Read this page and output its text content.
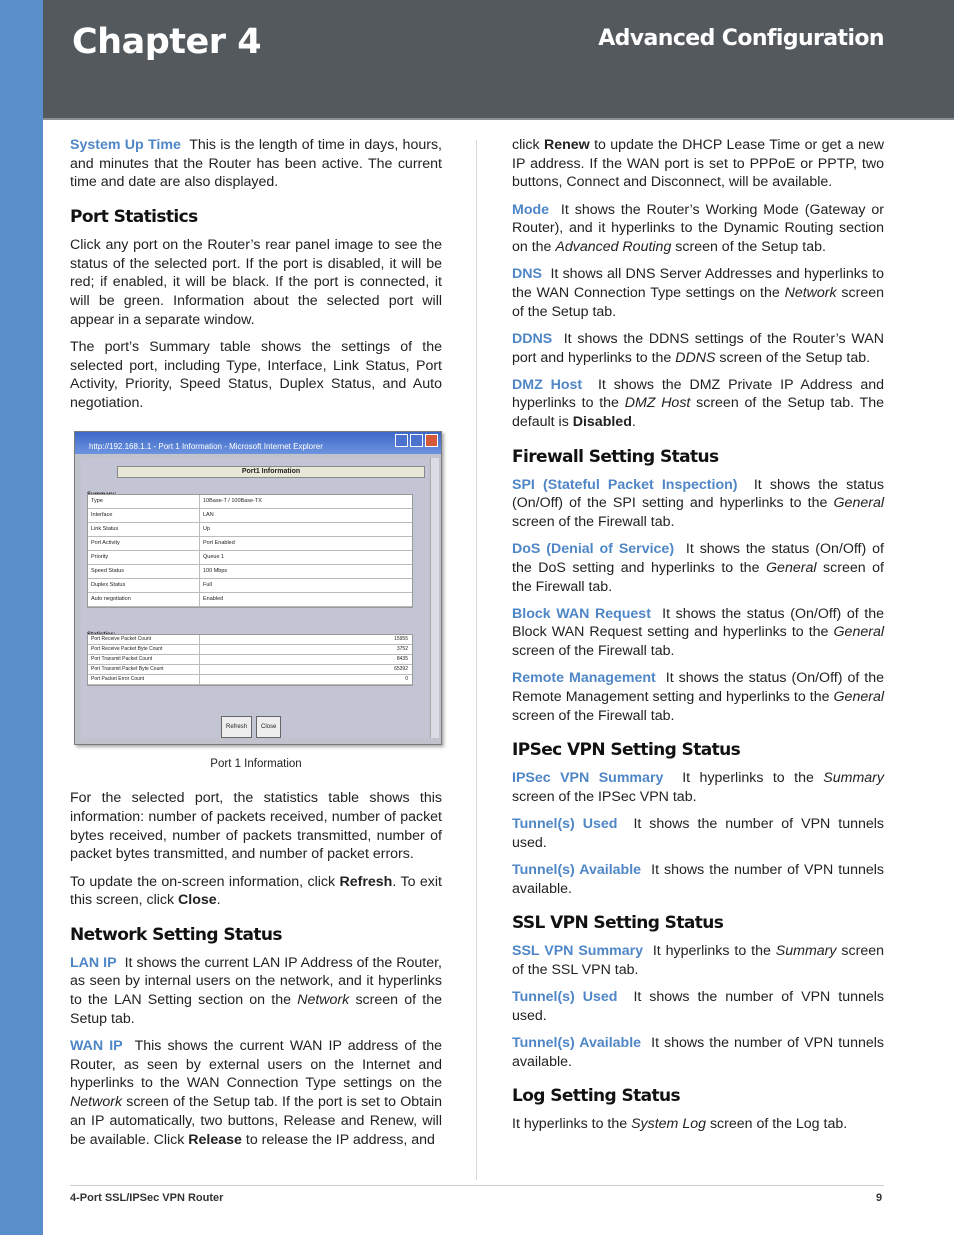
Chapter 4	Advanced Configuration

System Up Time This is the length of time in days, hours, and minutes that the Router has been active. The current time and date are also displayed.

Port Statistics

Click any port on the Router’s rear panel image to see the status of the selected port. If the port is disabled, it will be red; if enabled, it will be black. If the port is connected, it will be green. Information about the selected port will appear in a separate window.

The port’s Summary table shows the settings of the selected port, including Type, Interface, Link Status, Port Activity, Priority, Speed Status, Duplex Status, and Auto negotiation.

http://192.168.1.1 - Port 1 Information - Microsoft Internet Explorer
Port1 Information
Type	10Base-T / 100Base-TX
Interface	LAN
Link Status	Up
Port Activity	Port Enabled
Priority	Queue 1
Speed Status	100 Mbps
Duplex Status	Full
Auto negotiation	Enabled
Port Receive Packet Count	15955
Port Receive Packet Byte Count	3752
Port Transmit Packet Count	8435
Port Transmit Packet Byte Count	65392
Port Packet Error Count	0
Refresh	Close
Port 1 Information

For the selected port, the statistics table shows this information: number of packets received, number of packet bytes received, number of packets transmitted, number of packet bytes transmitted, and number of packet errors.

To update the on-screen information, click Refresh. To exit this screen, click Close.

Network Setting Status

LAN IP It shows the current LAN IP Address of the Router, as seen by internal users on the network, and it hyperlinks to the LAN Setting section on the Network screen of the Setup tab.

WAN IP This shows the current WAN IP address of the Router, as seen by external users on the Internet and hyperlinks to the WAN Connection Type settings on the Network screen of the Setup tab. If the port is set to Obtain an IP automatically, two buttons, Release and Renew, will be available. Click Release to release the IP address, and

click Renew to update the DHCP Lease Time or get a new IP address. If the WAN port is set to PPPoE or PPTP, two buttons, Connect and Disconnect, will be available.

Mode It shows the Router’s Working Mode (Gateway or Router), and it hyperlinks to the Dynamic Routing section on the Advanced Routing screen of the Setup tab.

DNS It shows all DNS Server Addresses and hyperlinks to the WAN Connection Type settings on the Network screen of the Setup tab.

DDNS It shows the DDNS settings of the Router’s WAN port and hyperlinks to the DDNS screen of the Setup tab.

DMZ Host It shows the DMZ Private IP Address and hyperlinks to the DMZ Host screen of the Setup tab. The default is Disabled.

Firewall Setting Status

SPI (Stateful Packet Inspection) It shows the status (On/Off) of the SPI setting and hyperlinks to the General screen of the Firewall tab.

DoS (Denial of Service) It shows the status (On/Off) of the DoS setting and hyperlinks to the General screen of the Firewall tab.

Block WAN Request It shows the status (On/Off) of the Block WAN Request setting and hyperlinks to the General screen of the Firewall tab.

Remote Management It shows the status (On/Off) of the Remote Management setting and hyperlinks to the General screen of the Firewall tab.

IPSec VPN Setting Status

IPSec VPN Summary It hyperlinks to the Summary screen of the IPSec VPN tab.

Tunnel(s) Used It shows the number of VPN tunnels used.

Tunnel(s) Available It shows the number of VPN tunnels available.

SSL VPN Setting Status

SSL VPN Summary It hyperlinks to the Summary screen of the SSL VPN tab.

Tunnel(s) Used It shows the number of VPN tunnels used.

Tunnel(s) Available It shows the number of VPN tunnels available.

Log Setting Status

It hyperlinks to the System Log screen of the Log tab.

4-Port SSL/IPSec VPN Router	9
